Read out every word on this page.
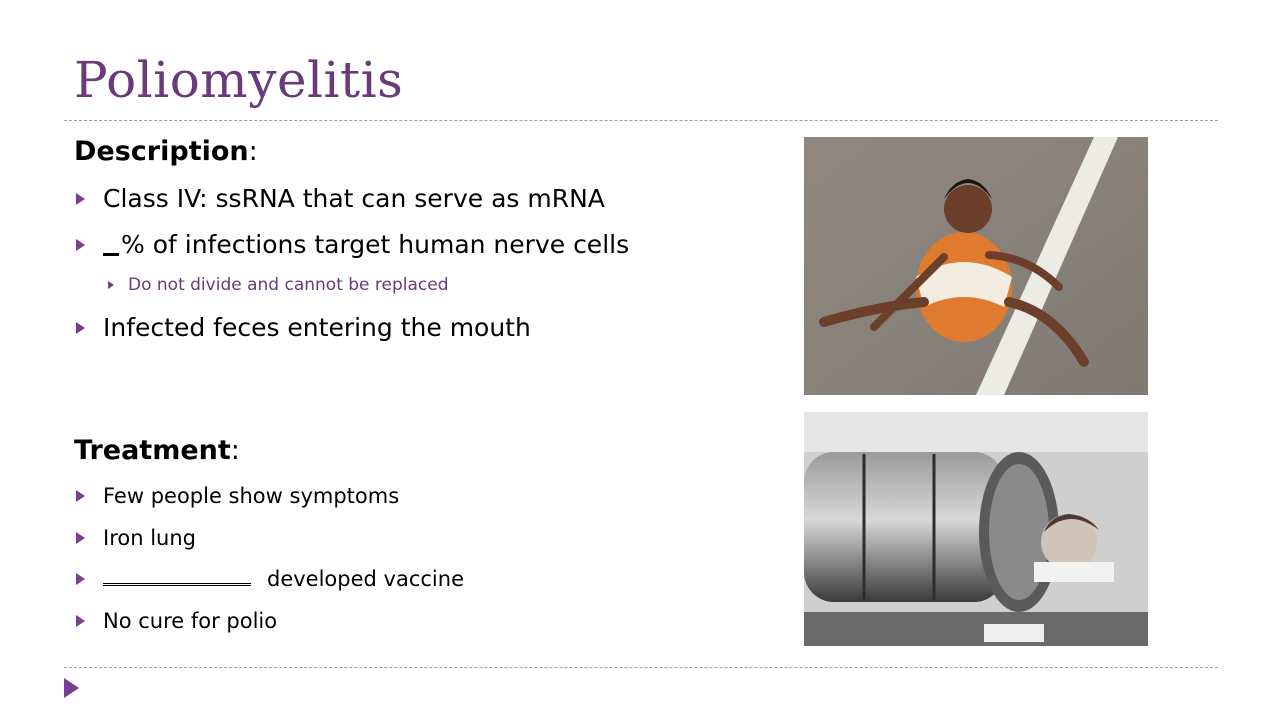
Poliomyelitis
Description:
Class IV: ssRNA that can serve as mRNA
% of infections target human nerve cells
Do not divide and cannot be replaced
Infected feces entering the mouth
Treatment:
Few people show symptoms
Iron lung
developed vaccine
No cure for polio
